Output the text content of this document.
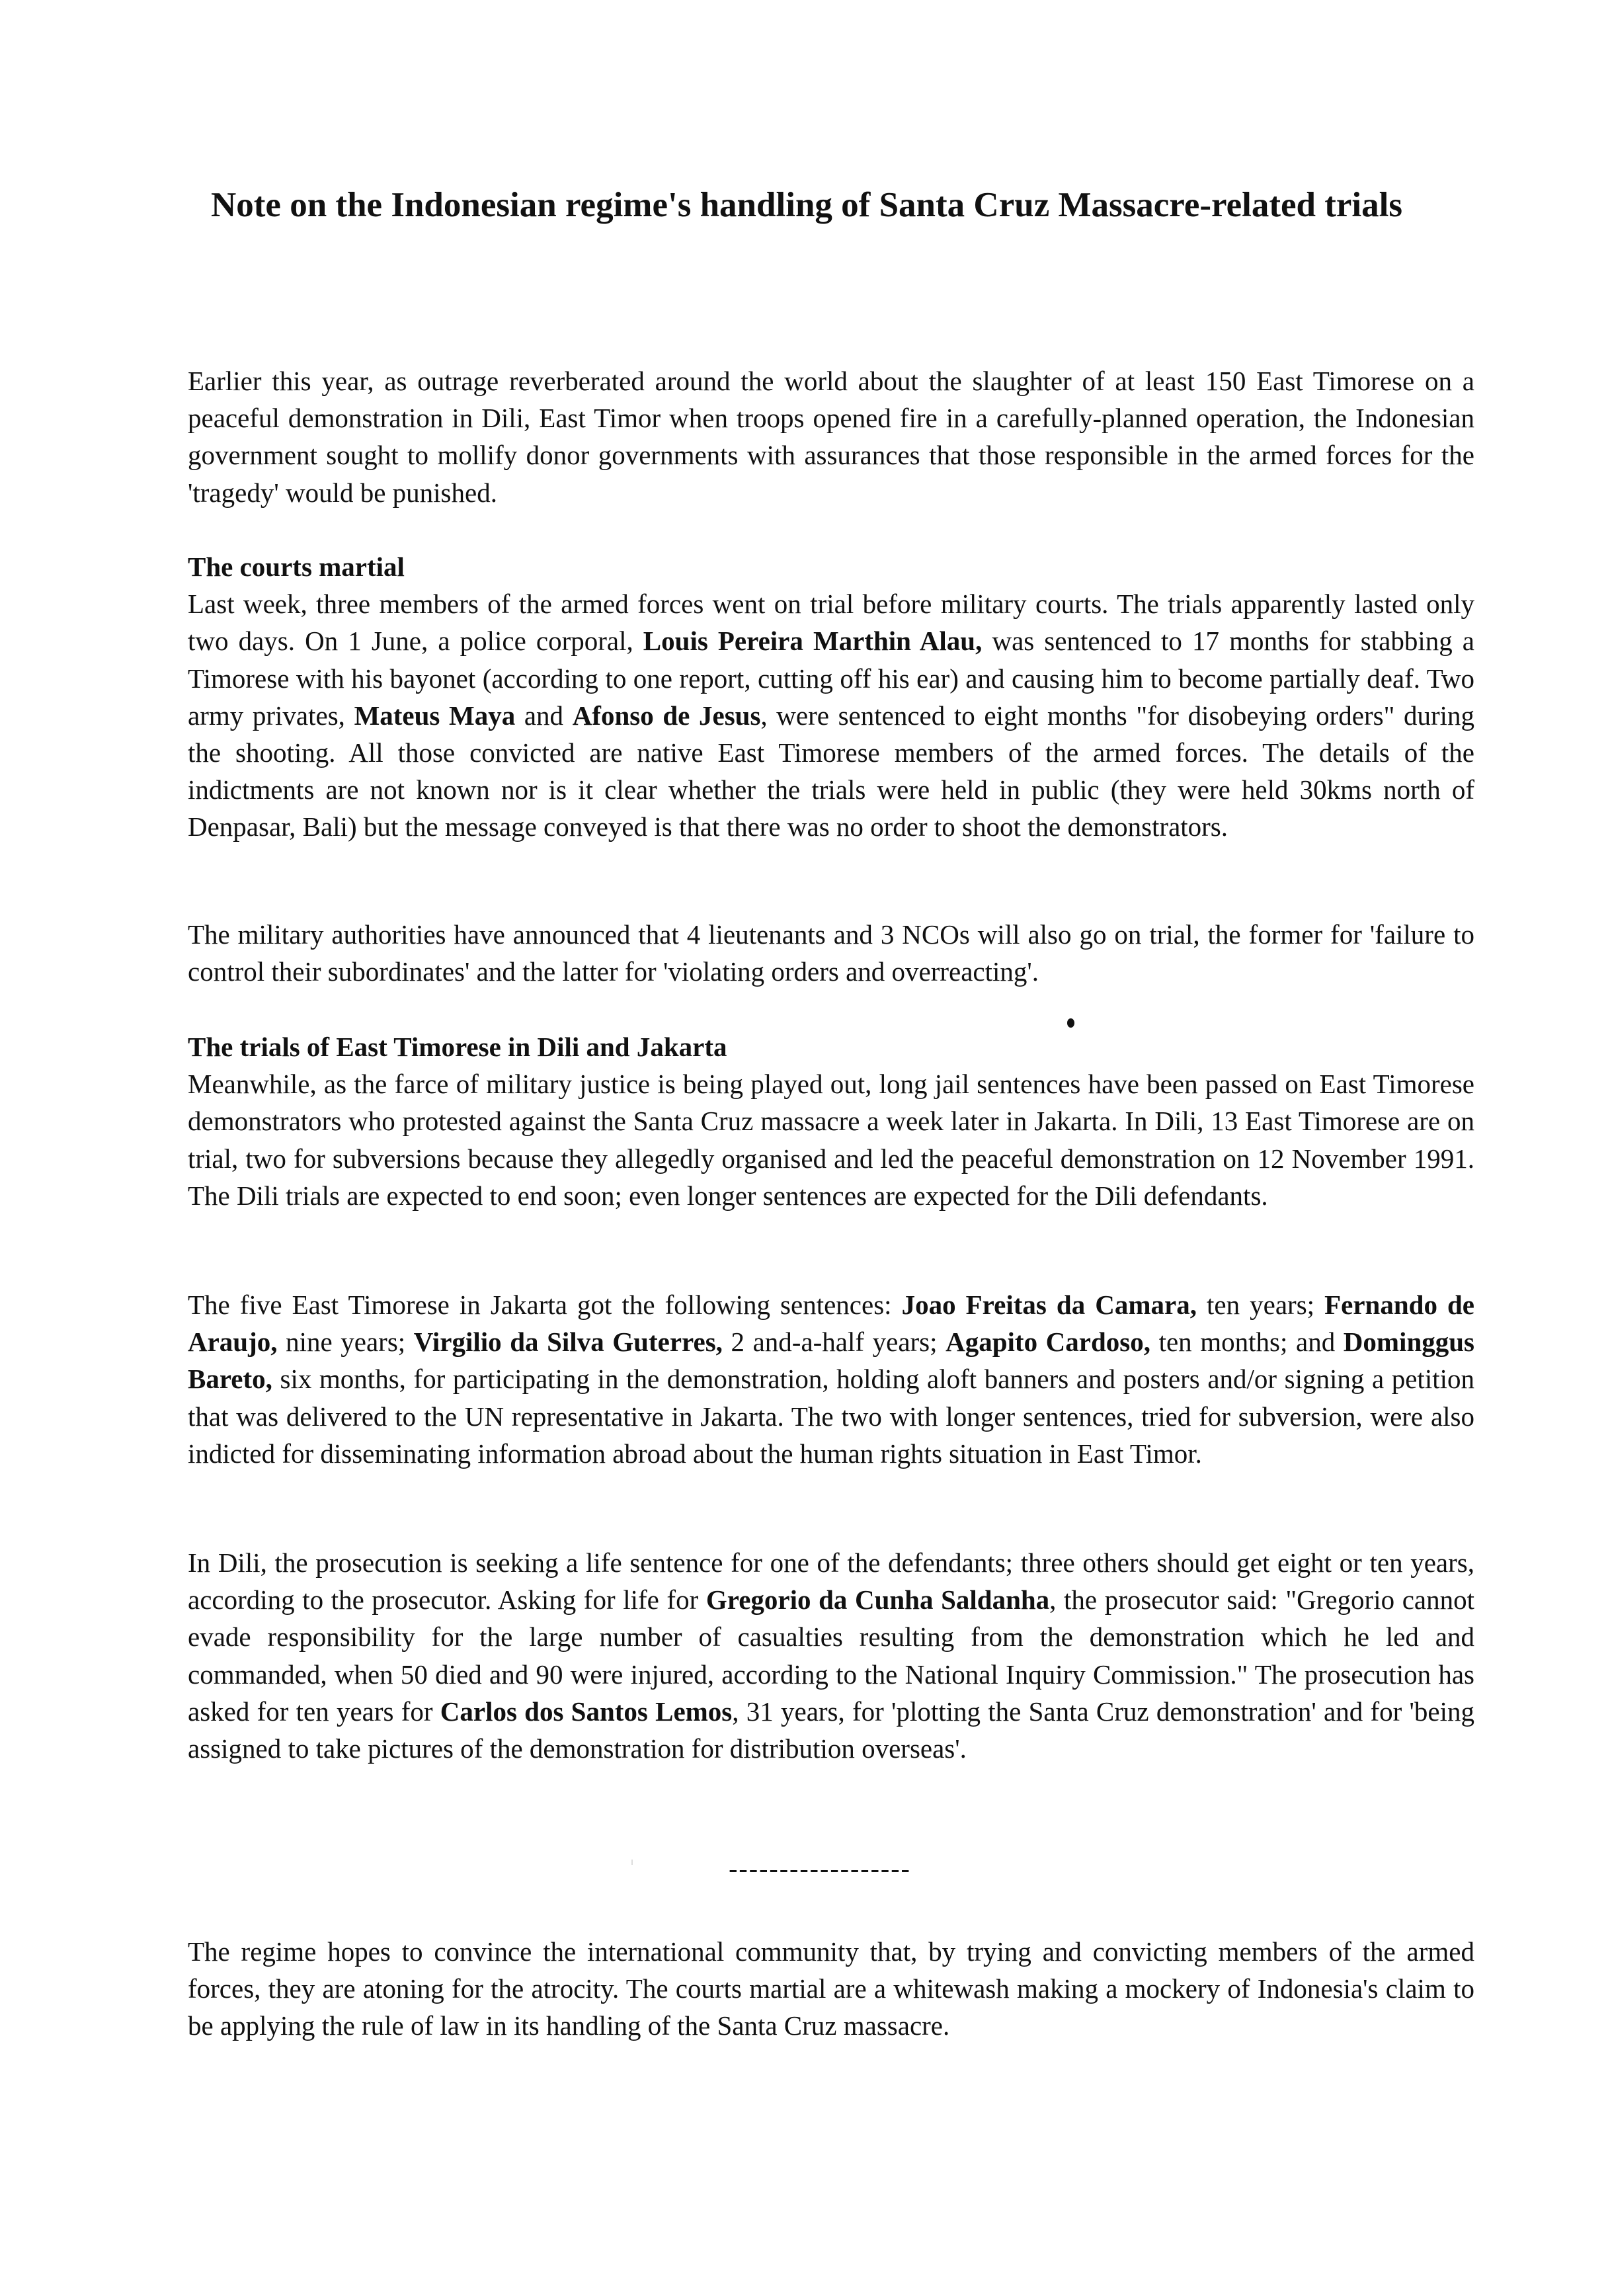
Note on the Indonesian regime's handling of Santa Cruz Massacre-related trials

Earlier this year, as outrage reverberated around the world about the slaughter of at least 150 East Timorese on a peaceful demonstration in Dili, East Timor when troops opened fire in a carefully-planned operation, the Indonesian government sought to mollify donor governments with assurances that those responsible in the armed forces for the 'tragedy' would be punished.

The courts martial

Last week, three members of the armed forces went on trial before military courts. The trials apparently lasted only two days. On 1 June, a police corporal, Louis Pereira Marthin Alau, was sentenced to 17 months for stabbing a Timorese with his bayonet (according to one report, cutting off his ear) and causing him to become partially deaf. Two army privates, Mateus Maya and Afonso de Jesus, were sentenced to eight months "for disobeying orders" during the shooting. All those convicted are native East Timorese members of the armed forces. The details of the indictments are not known nor is it clear whether the trials were held in public (they were held 30kms north of Denpasar, Bali) but the message conveyed is that there was no order to shoot the demonstrators.

The military authorities have announced that 4 lieutenants and 3 NCOs will also go on trial, the former for 'failure to control their subordinates' and the latter for 'violating orders and overreacting'.

The trials of East Timorese in Dili and Jakarta

Meanwhile, as the farce of military justice is being played out, long jail sentences have been passed on East Timorese demonstrators who protested against the Santa Cruz massacre a week later in Jakarta. In Dili, 13 East Timorese are on trial, two for subversions because they allegedly organised and led the peaceful demonstration on 12 November 1991. The Dili trials are expected to end soon; even longer sentences are expected for the Dili defendants.

The five East Timorese in Jakarta got the following sentences: Joao Freitas da Camara, ten years; Fernando de Araujo, nine years; Virgilio da Silva Guterres, 2 and-a-half years; Agapito Cardoso, ten months; and Dominggus Bareto, six months, for participating in the demonstration, holding aloft banners and posters and/or signing a petition that was delivered to the UN representative in Jakarta. The two with longer sentences, tried for subversion, were also indicted for disseminating information abroad about the human rights situation in East Timor.

In Dili, the prosecution is seeking a life sentence for one of the defendants; three others should get eight or ten years, according to the prosecutor. Asking for life for Gregorio da Cunha Saldanha, the prosecutor said: "Gregorio cannot evade responsibility for the large number of casualties resulting from the demonstration which he led and commanded, when 50 died and 90 were injured, according to the National Inquiry Commission." The prosecution has asked for ten years for Carlos dos Santos Lemos, 31 years, for 'plotting the Santa Cruz demonstration' and for 'being assigned to take pictures of the demonstration for distribution overseas'.

------------------

The regime hopes to convince the international community that, by trying and convicting members of the armed forces, they are atoning for the atrocity. The courts martial are a whitewash making a mockery of Indonesia's claim to be applying the rule of law in its handling of the Santa Cruz massacre.
